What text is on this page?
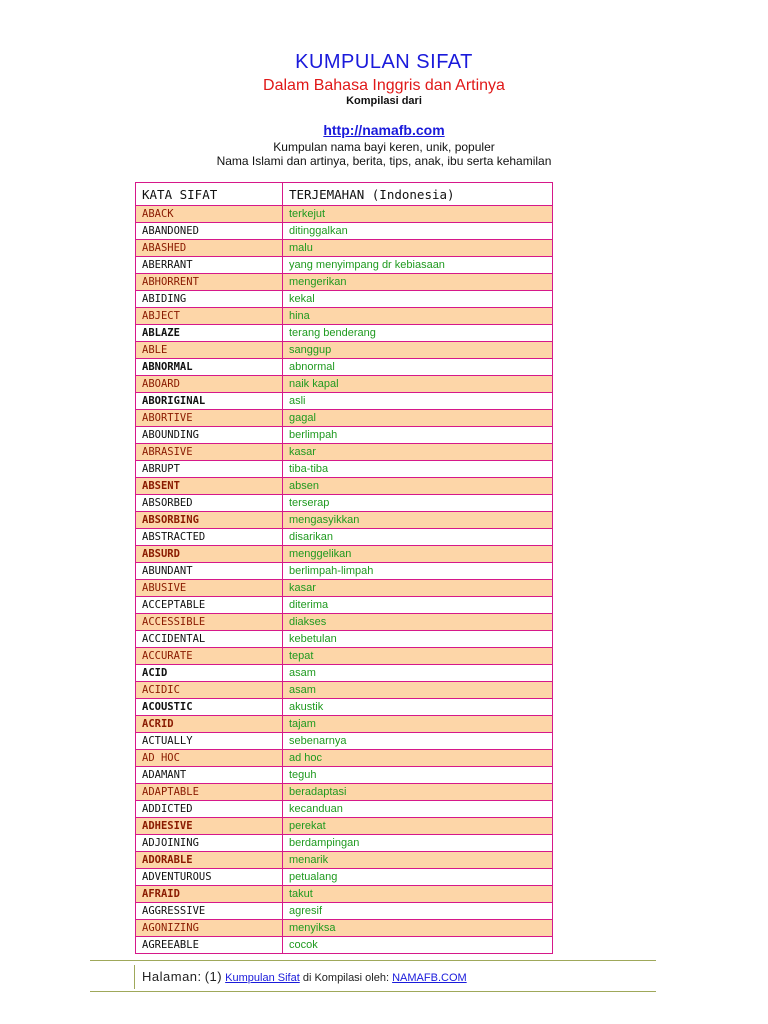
KUMPULAN SIFAT
Dalam Bahasa Inggris dan Artinya
Kompilasi dari
http://namafb.com
Kumpulan nama bayi keren, unik, populer
Nama Islami dan artinya, berita, tips, anak, ibu serta kehamilan
KATA SIFAT	TERJEMAHAN (Indonesia)
ABACK	terkejut
ABANDONED	ditinggalkan
ABASHED	malu
ABERRANT	yang menyimpang dr kebiasaan
ABHORRENT	mengerikan
ABIDING	kekal
ABJECT	hina
ABLAZE	terang benderang
ABLE	sanggup
ABNORMAL	abnormal
ABOARD	naik kapal
ABORIGINAL	asli
ABORTIVE	gagal
ABOUNDING	berlimpah
ABRASIVE	kasar
ABRUPT	tiba-tiba
ABSENT	absen
ABSORBED	terserap
ABSORBING	mengasyikkan
ABSTRACTED	disarikan
ABSURD	menggelikan
ABUNDANT	berlimpah-limpah
ABUSIVE	kasar
ACCEPTABLE	diterima
ACCESSIBLE	diakses
ACCIDENTAL	kebetulan
ACCURATE	tepat
ACID	asam
ACIDIC	asam
ACOUSTIC	akustik
ACRID	tajam
ACTUALLY	sebenarnya
AD HOC	ad hoc
ADAMANT	teguh
ADAPTABLE	beradaptasi
ADDICTED	kecanduan
ADHESIVE	perekat
ADJOINING	berdampingan
ADORABLE	menarik
ADVENTUROUS	petualang
AFRAID	takut
AGGRESSIVE	agresif
AGONIZING	menyiksa
AGREEABLE	cocok
Halaman: (1) Kumpulan Sifat di Kompilasi oleh: NAMAFB.COM
